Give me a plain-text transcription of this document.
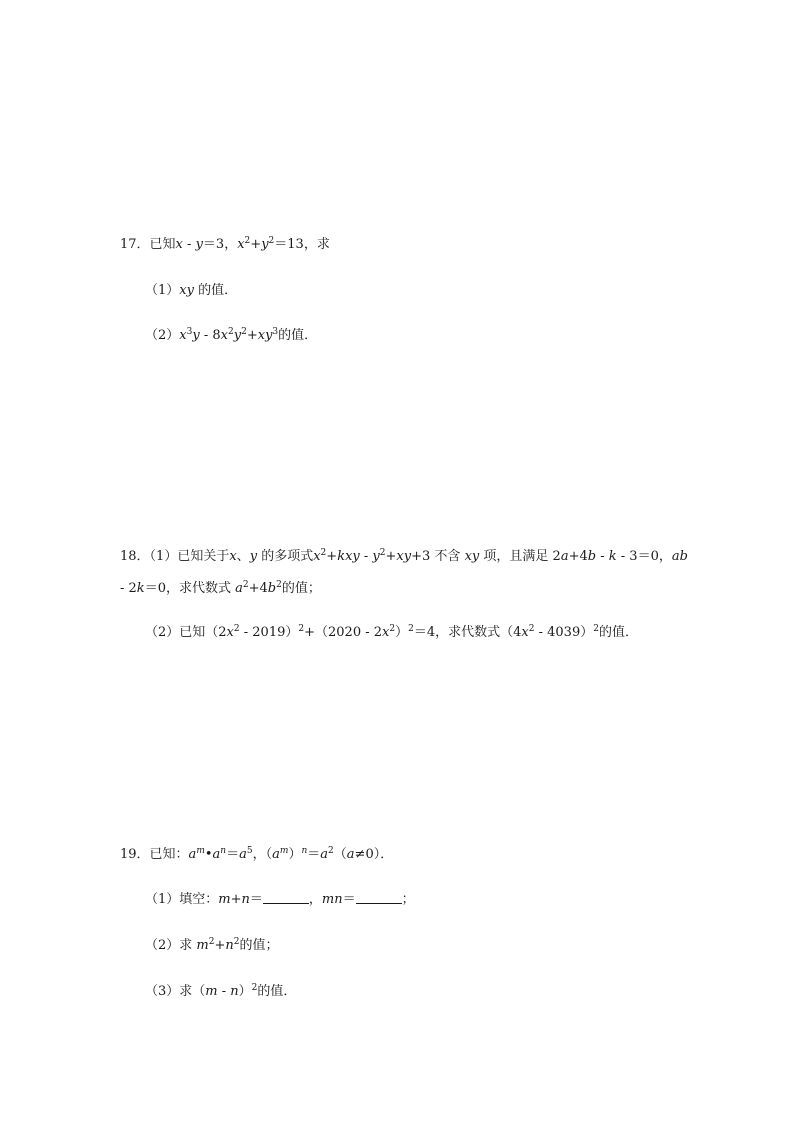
17．已知x - y＝3，$x^2+y^2=13$，求
（1）xy 的值．
$(2)x^3y - 8x^2y^2+xy^3$的值．
18．（1）已知关于x、y 的多项式$x^2+kxy - y^2+xy+3$ 不含 xy 项，且满足 2a+4b - k - 3＝0，ab
- 2k＝0，求代数式 $a^2+4b^2$的值；
（2）已知$(2x^2 - 2019)^2+(2020 - 2x^2)^2=4$，求代数式$(4x^2 - 4039)^2$的值．
19．已知：$a^m•a^n=a^5$，$(a^m)^n=a^2(a\ne 0)$．
（1）填空：m+n＝	，mn＝	；
（2）求 $m^2+n^2$的值；
（3）求（m - n）$^2$的值．
